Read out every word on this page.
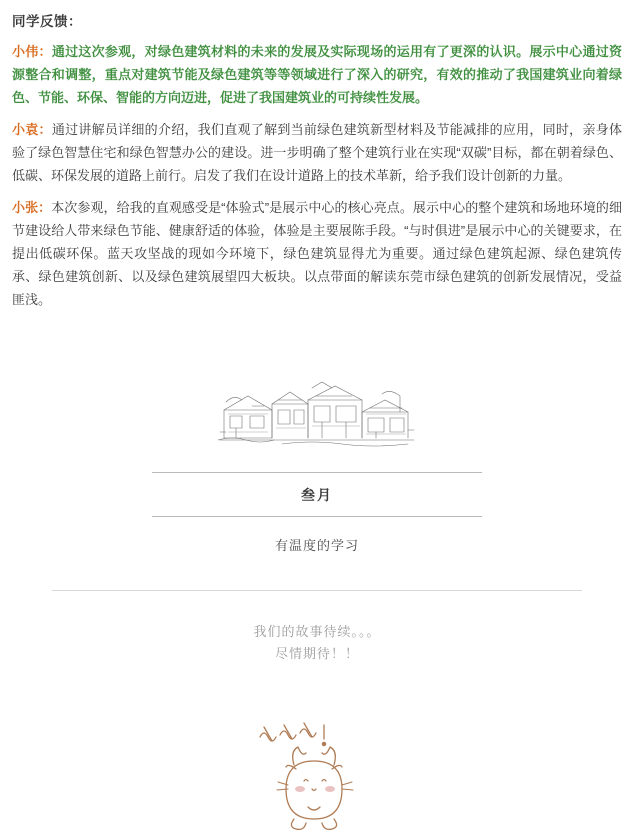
同学反馈：

小伟：通过这次参观，对绿色建筑材料的未来的发展及实际现场的运用有了更深的认识。展示中心通过资源整合和调整，重点对建筑节能及绿色建筑等等领域进行了深入的研究，有效的推动了我国建筑业向着绿色、节能、环保、智能的方向迈进，促进了我国建筑业的可持续性发展。

小袁：通过讲解员详细的介绍，我们直观了解到当前绿色建筑新型材料及节能减排的应用，同时，亲身体验了绿色智慧住宅和绿色智慧办公的建设。进一步明确了整个建筑行业在实现“双碳”目标，都在朝着绿色、低碳、环保发展的道路上前行。启发了我们在设计道路上的技术革新，给予我们设计创新的力量。

小张：本次参观，给我的直观感受是“体验式”是展示中心的核心亮点。展示中心的整个建筑和场地环境的细节建设给人带来绿色节能、健康舒适的体验，体验是主要展陈手段。“与时俱进”是展示中心的关键要求，在提出低碳环保。蓝天攻坚战的现如今环境下，绿色建筑显得尤为重要。通过绿色建筑起源、绿色建筑传承、绿色建筑创新、以及绿色建筑展望四大板块。以点带面的解读东莞市绿色建筑的创新发展情况，受益匪浅。

叁月
有温度的学习
我们的故事待续。。。
尽情期待！！
